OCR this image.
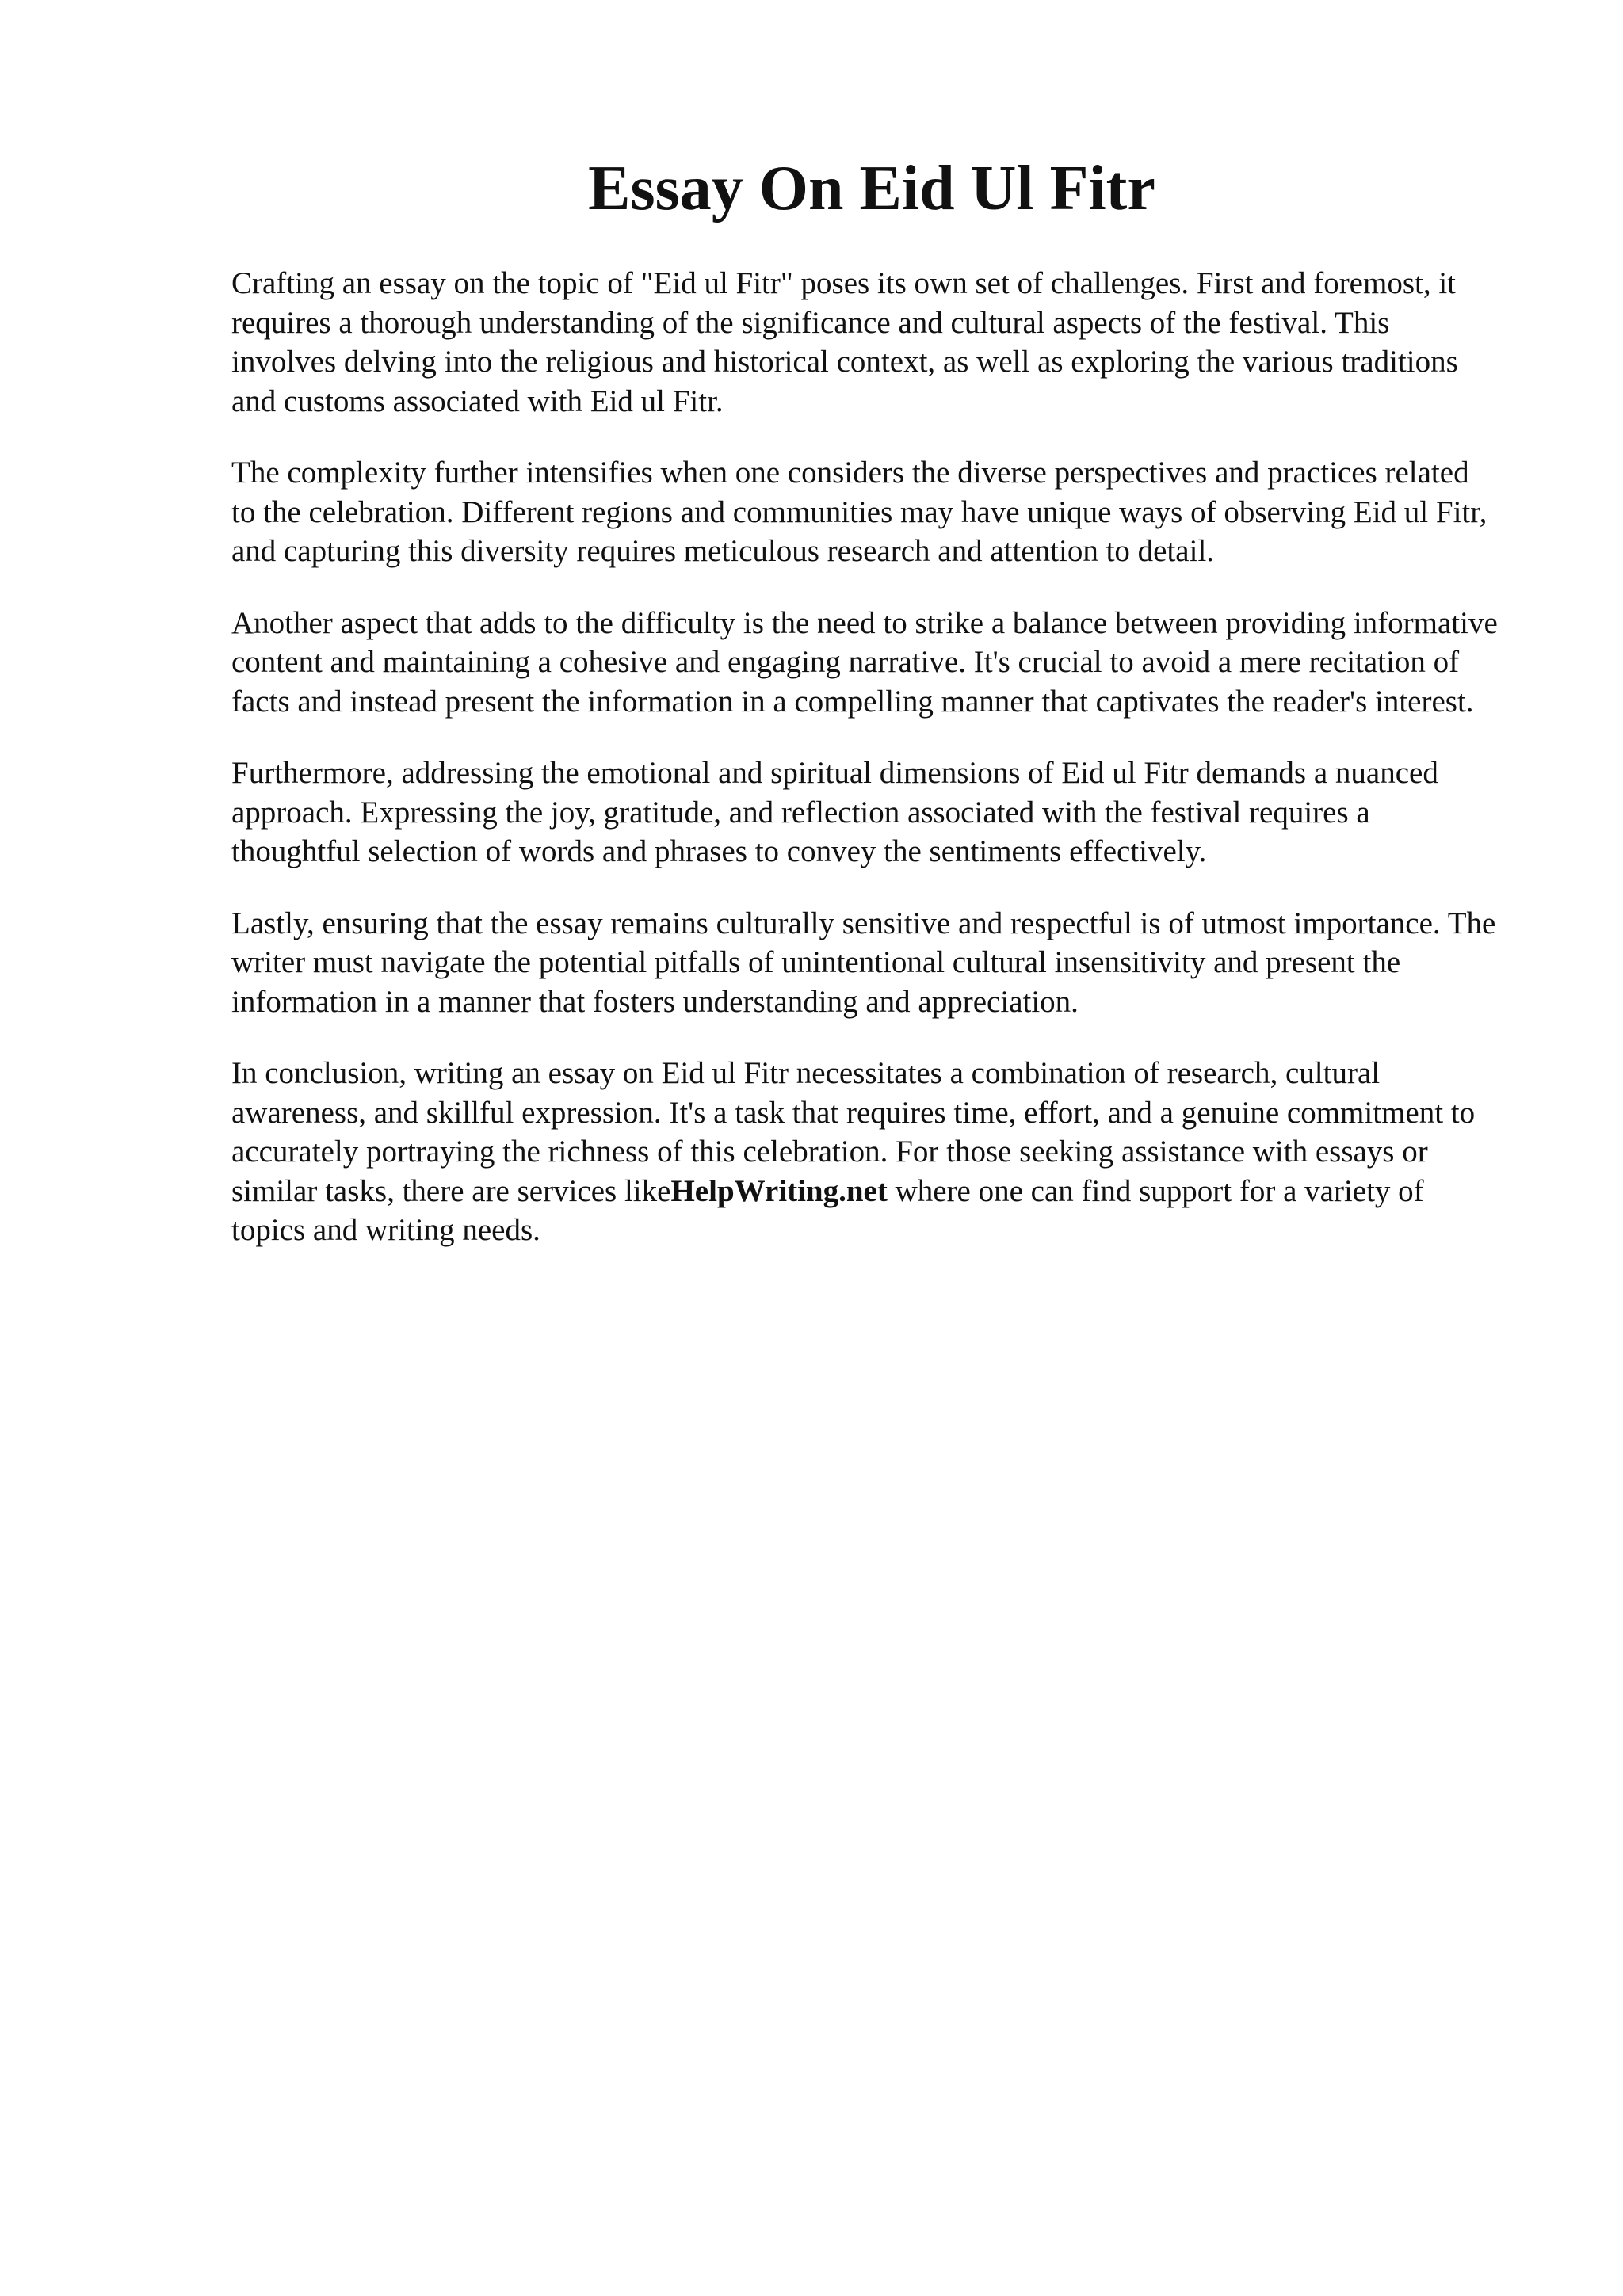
Essay On Eid Ul Fitr

Crafting an essay on the topic of "Eid ul Fitr" poses its own set of challenges. First and foremost, it requires a thorough understanding of the significance and cultural aspects of the festival. This involves delving into the religious and historical context, as well as exploring the various traditions and customs associated with Eid ul Fitr.

The complexity further intensifies when one considers the diverse perspectives and practices related to the celebration. Different regions and communities may have unique ways of observing Eid ul Fitr, and capturing this diversity requires meticulous research and attention to detail.

Another aspect that adds to the difficulty is the need to strike a balance between providing informative content and maintaining a cohesive and engaging narrative. It's crucial to avoid a mere recitation of facts and instead present the information in a compelling manner that captivates the reader's interest.

Furthermore, addressing the emotional and spiritual dimensions of Eid ul Fitr demands a nuanced approach. Expressing the joy, gratitude, and reflection associated with the festival requires a thoughtful selection of words and phrases to convey the sentiments effectively.

Lastly, ensuring that the essay remains culturally sensitive and respectful is of utmost importance. The writer must navigate the potential pitfalls of unintentional cultural insensitivity and present the information in a manner that fosters understanding and appreciation.

In conclusion, writing an essay on Eid ul Fitr necessitates a combination of research, cultural awareness, and skillful expression. It's a task that requires time, effort, and a genuine commitment to accurately portraying the richness of this celebration. For those seeking assistance with essays or similar tasks, there are services likeHelpWriting.net where one can find support for a variety of topics and writing needs.
